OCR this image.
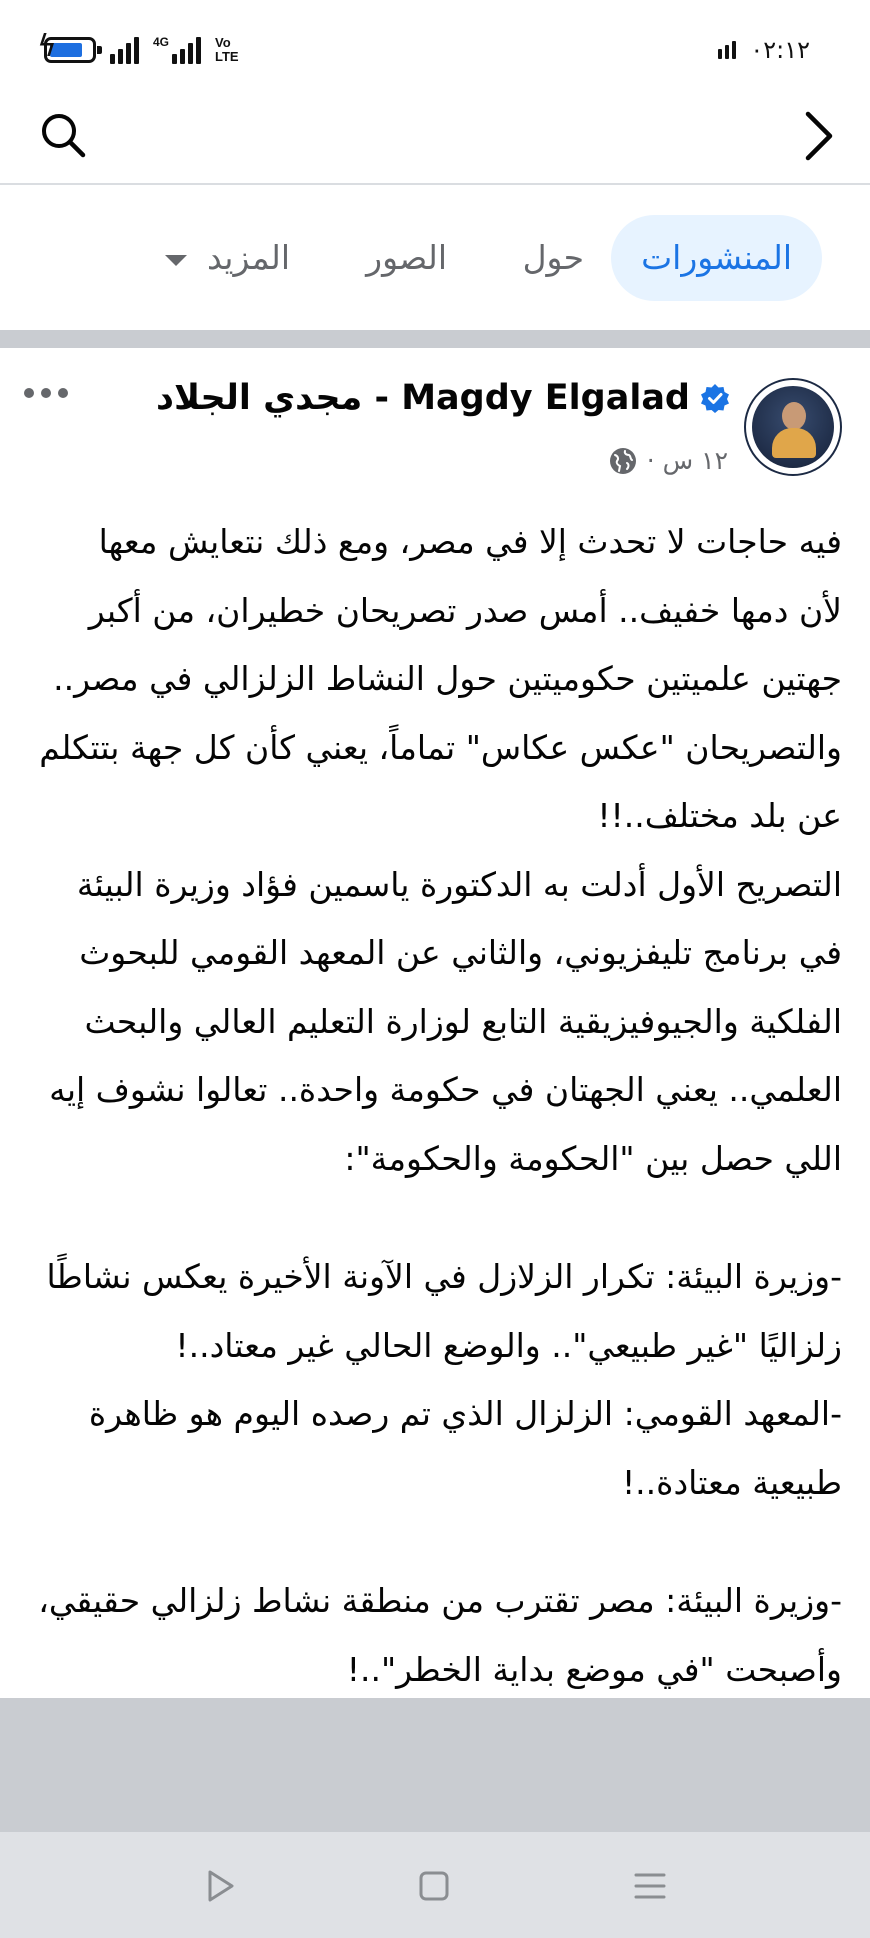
ϟ	4G	Vo
LTE	٠٢:١٢
المنشورات
حول
الصور
المزيد
Magdy Elgalad - مجدي الجلاد
١٢ س ·
فيه حاجات لا تحدث إلا في مصر، ومع ذلك نتعايش معها
لأن دمها خفيف.. أمس صدر تصريحان خطيران، من أكبر
جهتين علميتين حكوميتين حول النشاط الزلزالي في مصر..
والتصريحان "عكس عكاس" تماماً، يعني كأن كل جهة بتتكلم
عن بلد مختلف..!!
التصريح الأول أدلت به الدكتورة ياسمين فؤاد وزيرة البيئة
في برنامج تليفزيوني، والثاني عن المعهد القومي للبحوث
الفلكية والجيوفيزيقية التابع لوزارة التعليم العالي والبحث
العلمي.. يعني الجهتان في حكومة واحدة.. تعالوا نشوف إيه
اللي حصل بين "الحكومة والحكومة":
-وزيرة البيئة: تكرار الزلازل في الآونة الأخيرة يعكس نشاطًا
زلزاليًا "غير طبيعي".. والوضع الحالي غير معتاد..!
-المعهد القومي: الزلزال الذي تم رصده اليوم هو ظاهرة
طبيعية معتادة..!
-وزيرة البيئة: مصر تقترب من منطقة نشاط زلزالي حقيقي،
وأصبحت "في موضع بداية الخطر"..!
